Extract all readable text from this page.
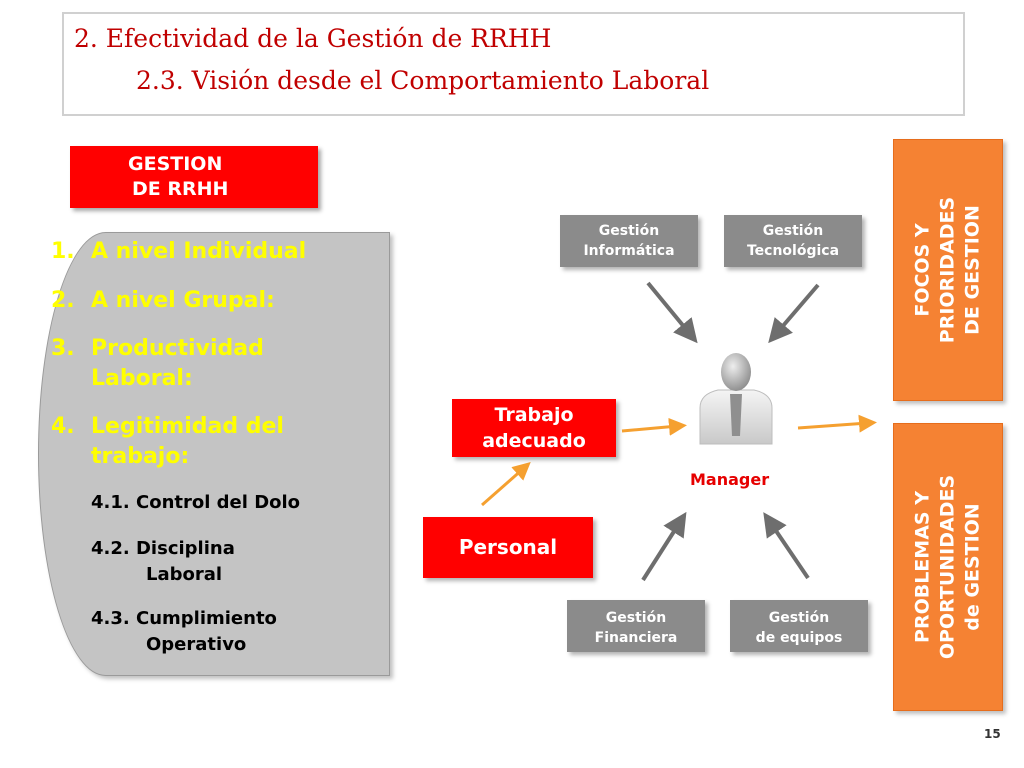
2. Efectividad de la Gestión de RRHH
2.3. Visión desde el Comportamiento Laboral
GESTION
DE RRHH
1. A nivel Individual
2. A nivel Grupal:
3. Productividad
Laboral:
4. Legitimidad del
trabajo:
4.1. Control del Dolo
4.2. Disciplina
Laboral
4.3. Cumplimiento
Operativo
Gestión
Informática
Gestión
Tecnológica
Gestión
Financiera
Gestión
de equipos
Trabajo
adecuado
Personal
Manager
FOCOS Y PRIORIDADES DE GESTION
PROBLEMAS Y OPORTUNIDADES de GESTION
15
